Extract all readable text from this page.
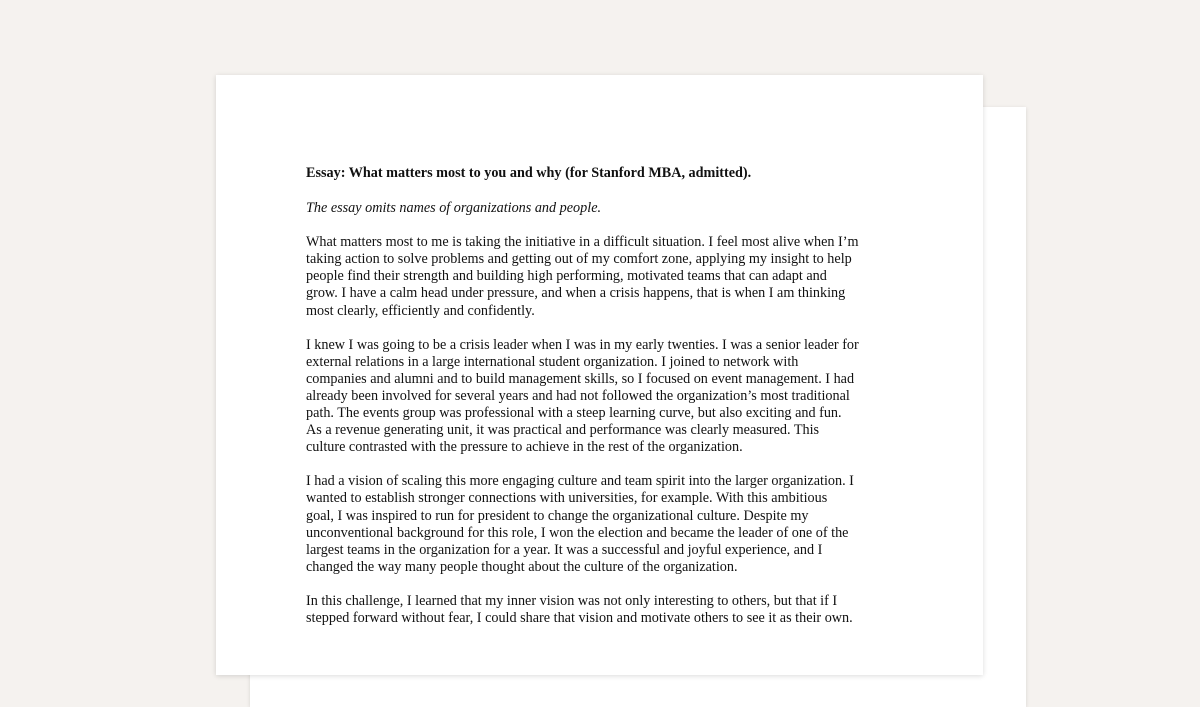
Essay: What matters most to you and why (for Stanford MBA, admitted).
The essay omits names of organizations and people.
What matters most to me is taking the initiative in a difficult situation. I feel most alive when I’m
taking action to solve problems and getting out of my comfort zone, applying my insight to help
people find their strength and building high performing, motivated teams that can adapt and
grow. I have a calm head under pressure, and when a crisis happens, that is when I am thinking
most clearly, efficiently and confidently.
I knew I was going to be a crisis leader when I was in my early twenties. I was a senior leader for
external relations in a large international student organization. I joined to network with
companies and alumni and to build management skills, so I focused on event management. I had
already been involved for several years and had not followed the organization’s most traditional
path. The events group was professional with a steep learning curve, but also exciting and fun.
As a revenue generating unit, it was practical and performance was clearly measured. This
culture contrasted with the pressure to achieve in the rest of the organization.
I had a vision of scaling this more engaging culture and team spirit into the larger organization. I
wanted to establish stronger connections with universities, for example. With this ambitious
goal, I was inspired to run for president to change the organizational culture. Despite my
unconventional background for this role, I won the election and became the leader of one of the
largest teams in the organization for a year. It was a successful and joyful experience, and I
changed the way many people thought about the culture of the organization.
In this challenge, I learned that my inner vision was not only interesting to others, but that if I
stepped forward without fear, I could share that vision and motivate others to see it as their own.
